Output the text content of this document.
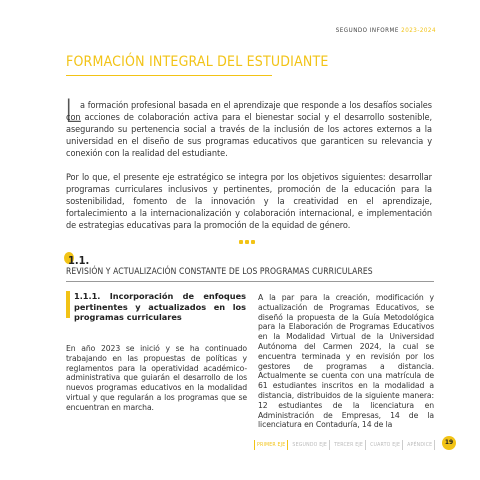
SEGUNDO INFORME 2023-2024
FORMACIÓN INTEGRAL DEL ESTUDIANTE
L

a formación profesional basada en el aprendizaje que responde a los desafíos sociales con acciones de colaboración activa para el bienestar social y el desarrollo sostenible, asegurando su pertenencia social a través de la inclusión de los actores externos a la universidad en el diseño de sus programas educativos que garanticen su relevancia y conexión con la realidad del estudiante.

Por lo que, el presente eje estratégico se integra por los objetivos siguientes: desarrollar programas curriculares inclusivos y pertinentes, promoción de la educación para la sostenibilidad, fomento de la innovación y la creatividad en el aprendizaje, fortalecimiento a la internacionalización y colaboración internacional, e implementación de estrategias educativas para la promoción de la equidad de género.

1.1.
REVISIÓN Y ACTUALIZACIÓN CONSTANTE DE LOS PROGRAMAS CURRICULARES
1.1.1. Incorporación de enfoques pertinentes y actualizados en los programas curriculares

En año 2023 se inició y se ha continuado trabajando en las propuestas de políticas y reglamentos para la operatividad académico-administrativa que guiarán el desarrollo de los nuevos programas educativos en la modalidad virtual y que regularán a los programas que se encuentran en marcha.

A la par para la creación, modificación y actualización de Programas Educativos, se diseñó la propuesta de la Guía Metodológica para la Elaboración de Programas Educativos en la Modalidad Virtual de la Universidad Autónoma del Carmen 2024, la cual se encuentra terminada y en revisión por los gestores de programas a distancia. Actualmente se cuenta con una matrícula de 61 estudiantes inscritos en la modalidad a distancia, distribuidos de la siguiente manera: 12 estudiantes de la licenciatura en Administración de Empresas, 14 de la licenciatura en Contaduría, 14 de la

PRIMER EJE	SEGUNDO EJE	TERCER EJE	CUARTO EJE	APÉNDICE	19
